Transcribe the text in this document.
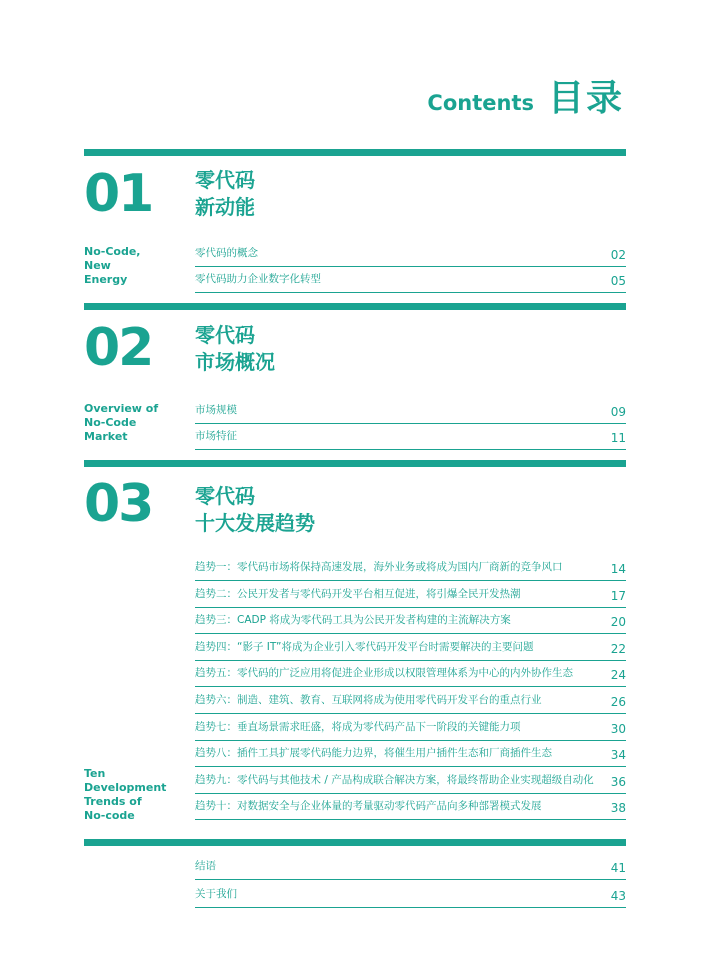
Contents 目录
01 零代码
新动能
No-Code,
New
Energy
零代码的概念	02
零代码助力企业数字化转型	05
02 零代码
市场概况
Overview of
No-Code
Market
市场规模	09
市场特征	11
03 零代码
十大发展趋势
Ten
Development
Trends of
No-code
趋势一：零代码市场将保持高速发展，海外业务或将成为国内厂商新的竞争风口	14
趋势二：公民开发者与零代码开发平台相互促进，将引爆全民开发热潮	17
趋势三：CADP 将成为零代码工具为公民开发者构建的主流解决方案	20
趋势四：“影子 IT”将成为企业引入零代码开发平台时需要解决的主要问题	22
趋势五：零代码的广泛应用将促进企业形成以权限管理体系为中心的内外协作生态	24
趋势六：制造、建筑、教育、互联网将成为使用零代码开发平台的重点行业	26
趋势七：垂直场景需求旺盛，将成为零代码产品下一阶段的关键能力项	30
趋势八：插件工具扩展零代码能力边界，将催生用户插件生态和厂商插件生态	34
趋势九：零代码与其他技术 / 产品构成联合解决方案，将最终帮助企业实现超级自动化 36
趋势十：对数据安全与企业体量的考量驱动零代码产品向多种部署模式发展	38
结语	41
关于我们	43
